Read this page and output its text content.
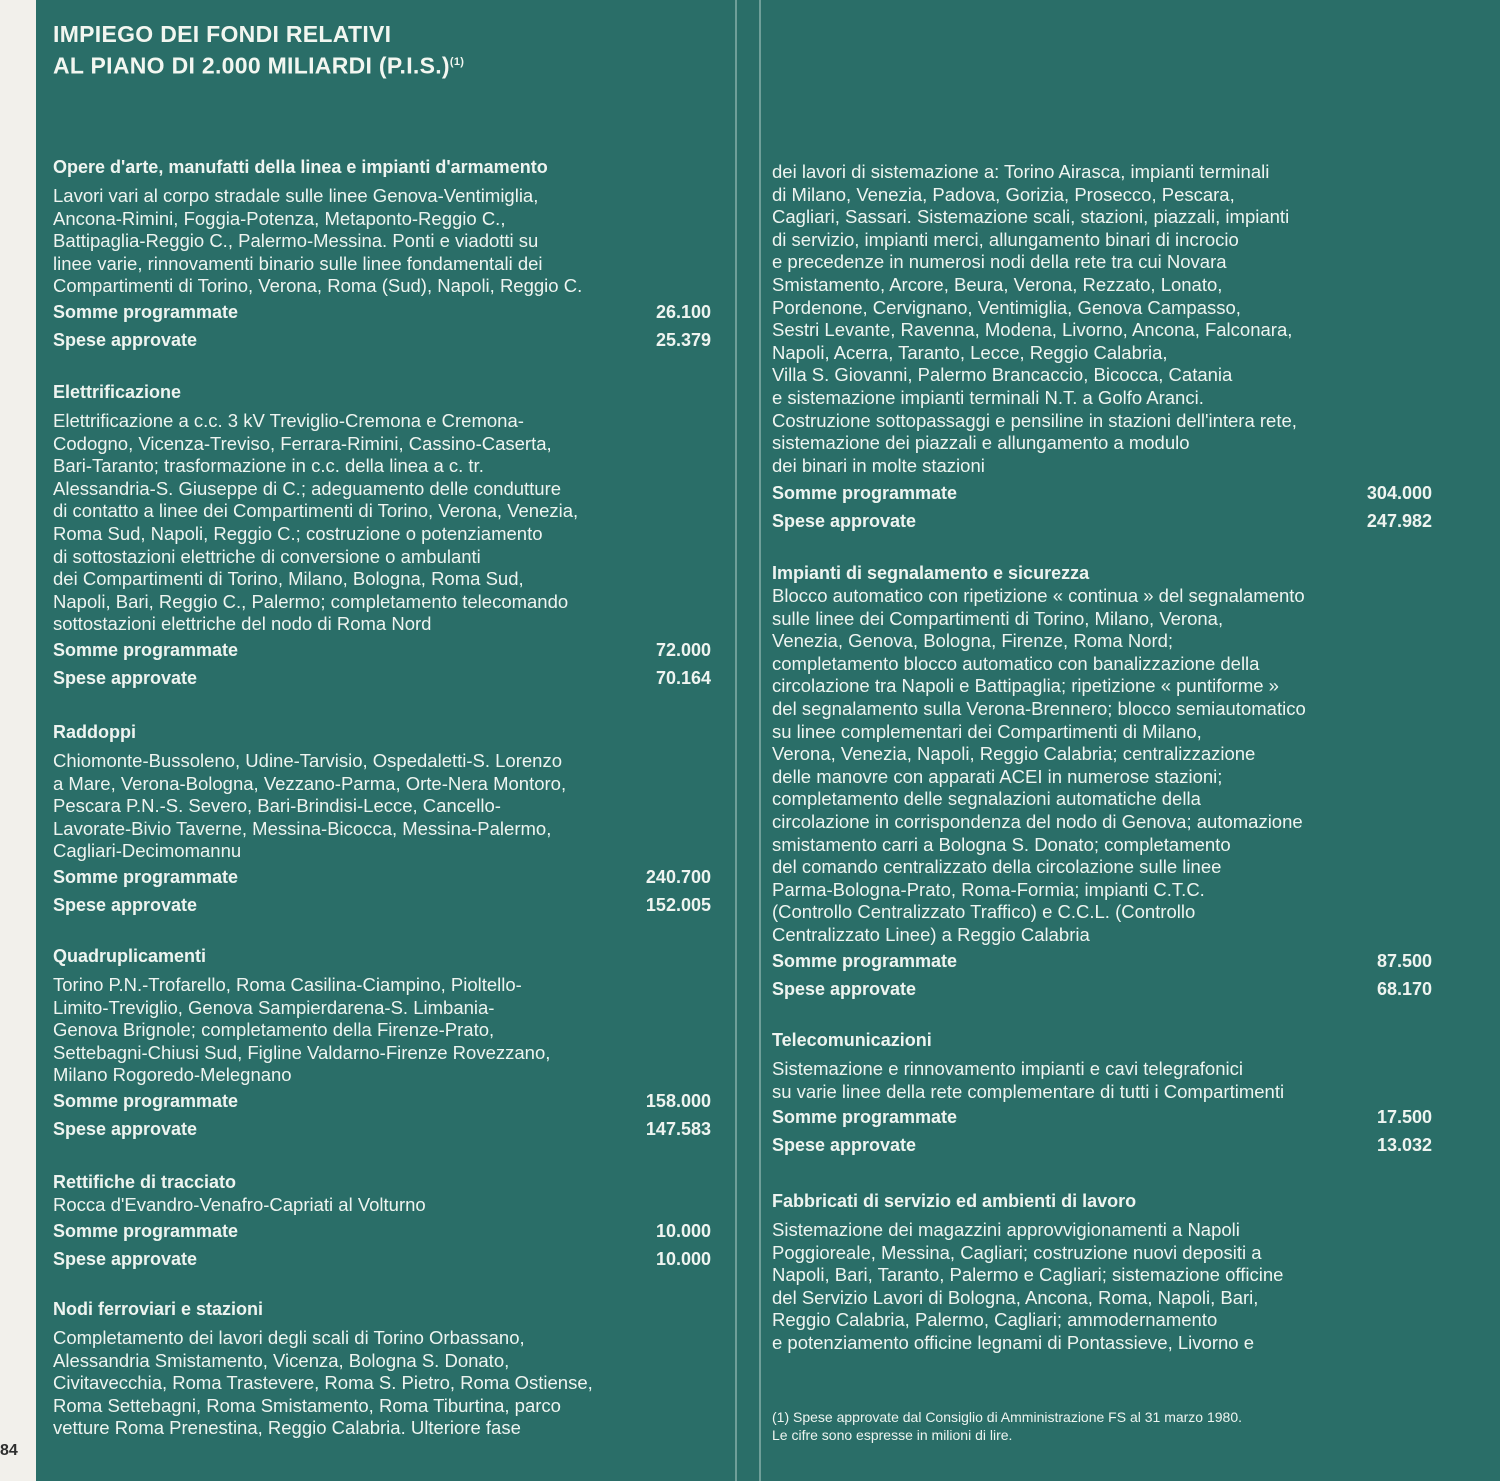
IMPIEGO DEI FONDI RELATIVI
AL PIANO DI 2.000 MILIARDI $(P.I.S.)^{(1)}$
Opere d'arte, manufatti della linea e impianti d'armamento

Lavori vari al corpo stradale sulle linee Genova-Ventimiglia,
Ancona-Rimini, Foggia-Potenza, Metaponto-Reggio C.,
Battipaglia-Reggio C., Palermo-Messina. Ponti e viadotti su
linee varie, rinnovamenti binario sulle linee fondamentali dei
Compartimenti di Torino, Verona, Roma (Sud), Napoli, Reggio C.

Somme programmate	26.100
Spese approvate	25.379
Elettrificazione

Elettrificazione a c.c. 3 kV Treviglio-Cremona e Cremona-
Codogno, Vicenza-Treviso, Ferrara-Rimini, Cassino-Caserta,
Bari-Taranto; trasformazione in c.c. della linea a c. tr.
Alessandria-S. Giuseppe di C.; adeguamento delle condutture
di contatto a linee dei Compartimenti di Torino, Verona, Venezia,
Roma Sud, Napoli, Reggio C.; costruzione o potenziamento
di sottostazioni elettriche di conversione o ambulanti
dei Compartimenti di Torino, Milano, Bologna, Roma Sud,
Napoli, Bari, Reggio C., Palermo; completamento telecomando
sottostazioni elettriche del nodo di Roma Nord

Somme programmate	72.000
Spese approvate	70.164
Raddoppi

Chiomonte-Bussoleno, Udine-Tarvisio, Ospedaletti-S. Lorenzo
a Mare, Verona-Bologna, Vezzano-Parma, Orte-Nera Montoro,
Pescara P.N.-S. Severo, Bari-Brindisi-Lecce, Cancello-
Lavorate-Bivio Taverne, Messina-Bicocca, Messina-Palermo,
Cagliari-Decimomannu

Somme programmate	240.700
Spese approvate	152.005
Quadruplicamenti

Torino P.N.-Trofarello, Roma Casilina-Ciampino, Pioltello-
Limito-Treviglio, Genova Sampierdarena-S. Limbania-
Genova Brignole; completamento della Firenze-Prato,
Settebagni-Chiusi Sud, Figline Valdarno-Firenze Rovezzano,
Milano Rogoredo-Melegnano

Somme programmate	158.000
Spese approvate	147.583
Rettifiche di tracciato

Rocca d'Evandro-Venafro-Capriati al Volturno

Somme programmate	10.000
Spese approvate	10.000
Nodi ferroviari e stazioni

Completamento dei lavori degli scali di Torino Orbassano,
Alessandria Smistamento, Vicenza, Bologna S. Donato,
Civitavecchia, Roma Trastevere, Roma S. Pietro, Roma Ostiense,
Roma Settebagni, Roma Smistamento, Roma Tiburtina, parco
vetture Roma Prenestina, Reggio Calabria. Ulteriore fase

dei lavori di sistemazione a: Torino Airasca, impianti terminali
di Milano, Venezia, Padova, Gorizia, Prosecco, Pescara,
Cagliari, Sassari. Sistemazione scali, stazioni, piazzali, impianti
di servizio, impianti merci, allungamento binari di incrocio
e precedenze in numerosi nodi della rete tra cui Novara
Smistamento, Arcore, Beura, Verona, Rezzato, Lonato,
Pordenone, Cervignano, Ventimiglia, Genova Campasso,
Sestri Levante, Ravenna, Modena, Livorno, Ancona, Falconara,
Napoli, Acerra, Taranto, Lecce, Reggio Calabria,
Villa S. Giovanni, Palermo Brancaccio, Bicocca, Catania
e sistemazione impianti terminali N.T. a Golfo Aranci.
Costruzione sottopassaggi e pensiline in stazioni dell'intera rete,
sistemazione dei piazzali e allungamento a modulo
dei binari in molte stazioni

Somme programmate	304.000
Spese approvate	247.982
Impianti di segnalamento e sicurezza

Blocco automatico con ripetizione « continua » del segnalamento
sulle linee dei Compartimenti di Torino, Milano, Verona,
Venezia, Genova, Bologna, Firenze, Roma Nord;
completamento blocco automatico con banalizzazione della
circolazione tra Napoli e Battipaglia; ripetizione « puntiforme »
del segnalamento sulla Verona-Brennero; blocco semiautomatico
su linee complementari dei Compartimenti di Milano,
Verona, Venezia, Napoli, Reggio Calabria; centralizzazione
delle manovre con apparati ACEI in numerose stazioni;
completamento delle segnalazioni automatiche della
circolazione in corrispondenza del nodo di Genova; automazione
smistamento carri a Bologna S. Donato; completamento
del comando centralizzato della circolazione sulle linee
Parma-Bologna-Prato, Roma-Formia; impianti C.T.C.
(Controllo Centralizzato Traffico) e C.C.L. (Controllo
Centralizzato Linee) a Reggio Calabria

Somme programmate	87.500
Spese approvate	68.170
Telecomunicazioni

Sistemazione e rinnovamento impianti e cavi telegrafonici
su varie linee della rete complementare di tutti i Compartimenti

Somme programmate	17.500
Spese approvate	13.032
Fabbricati di servizio ed ambienti di lavoro

Sistemazione dei magazzini approvvigionamenti a Napoli
Poggioreale, Messina, Cagliari; costruzione nuovi depositi a
Napoli, Bari, Taranto, Palermo e Cagliari; sistemazione officine
del Servizio Lavori di Bologna, Ancona, Roma, Napoli, Bari,
Reggio Calabria, Palermo, Cagliari; ammodernamento
e potenziamento officine legnami di Pontassieve, Livorno e

(1) Spese approvate dal Consiglio di Amministrazione FS al 31 marzo 1980.
Le cifre sono espresse in milioni di lire.
84
